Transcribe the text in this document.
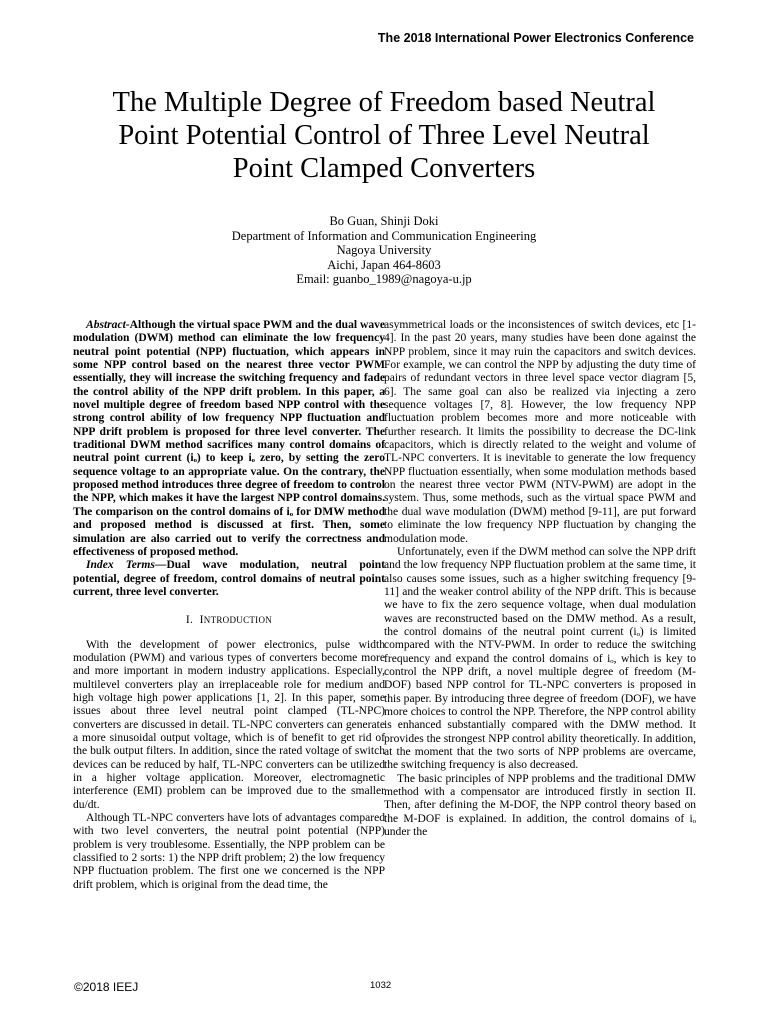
The 2018 International Power Electronics Conference
The Multiple Degree of Freedom based Neutral
Point Potential Control of Three Level Neutral
Point Clamped Converters
Bo Guan, Shinji Doki
Department of Information and Communication Engineering
Nagoya University
Aichi, Japan 464-8603
Email: guanbo_1989@nagoya-u.jp

Abstract-Although the virtual space PWM and the dual wave modulation (DWM) method can eliminate the low frequency neutral point potential (NPP) fluctuation, which appears in some NPP control based on the nearest three vector PWM essentially, they will increase the switching frequency and fade the control ability of the NPP drift problem. In this paper, a novel multiple degree of freedom based NPP control with the strong control ability of low frequency NPP fluctuation and NPP drift problem is proposed for three level converter. The traditional DWM method sacrifices many control domains of neutral point current (iₒ) to keep iₒ zero, by setting the zero sequence voltage to an appropriate value. On the contrary, the proposed method introduces three degree of freedom to control the NPP, which makes it have the largest NPP control domains. The comparison on the control domains of iₒ for DMW method and proposed method is discussed at first. Then, some simulation are also carried out to verify the correctness and effectiveness of proposed method.

Index Terms—Dual wave modulation, neutral point potential, degree of freedom, control domains of neutral point current, three level converter.

I. INTRODUCTION

With the development of power electronics, pulse width modulation (PWM) and various types of converters become more and more important in modern industry applications. Especially, multilevel converters play an irreplaceable role for medium and high voltage high power applications [1, 2]. In this paper, some issues about three level neutral point clamped (TL-NPC) converters are discussed in detail. TL-NPC converters can generate a more sinusoidal output voltage, which is of benefit to get rid of the bulk output filters. In addition, since the rated voltage of switch devices can be reduced by half, TL-NPC converters can be utilized in a higher voltage application. Moreover, electromagnetic interference (EMI) problem can be improved due to the smaller du/dt.

Although TL-NPC converters have lots of advantages compared with two level converters, the neutral point potential (NPP) problem is very troublesome. Essentially, the NPP problem can be classified to 2 sorts: 1) the NPP drift problem; 2) the low frequency NPP fluctuation problem. The first one we concerned is the NPP drift problem, which is original from the dead time, the

asymmetrical loads or the inconsistences of switch devices, etc [1-4]. In the past 20 years, many studies have been done against the NPP problem, since it may ruin the capacitors and switch devices. For example, we can control the NPP by adjusting the duty time of pairs of redundant vectors in three level space vector diagram [5, 6]. The same goal can also be realized via injecting a zero sequence voltages [7, 8]. However, the low frequency NPP fluctuation problem becomes more and more noticeable with further research. It limits the possibility to decrease the DC-link capacitors, which is directly related to the weight and volume of TL-NPC converters. It is inevitable to generate the low frequency NPP fluctuation essentially, when some modulation methods based on the nearest three vector PWM (NTV-PWM) are adopt in the system. Thus, some methods, such as the virtual space PWM and the dual wave modulation (DWM) method [9-11], are put forward to eliminate the low frequency NPP fluctuation by changing the modulation mode.

Unfortunately, even if the DWM method can solve the NPP drift and the low frequency NPP fluctuation problem at the same time, it also causes some issues, such as a higher switching frequency [9-11] and the weaker control ability of the NPP drift. This is because we have to fix the zero sequence voltage, when dual modulation waves are reconstructed based on the DMW method. As a result, the control domains of the neutral point current (iₒ) is limited compared with the NTV-PWM. In order to reduce the switching frequency and expand the control domains of iₒ, which is key to control the NPP drift, a novel multiple degree of freedom (M-DOF) based NPP control for TL-NPC converters is proposed in this paper. By introducing three degree of freedom (DOF), we have more choices to control the NPP. Therefore, the NPP control ability is enhanced substantially compared with the DMW method. It provides the strongest NPP control ability theoretically. In addition, at the moment that the two sorts of NPP problems are overcame, the switching frequency is also decreased.

The basic principles of NPP problems and the traditional DMW method with a compensator are introduced firstly in section II. Then, after defining the M-DOF, the NPP control theory based on the M-DOF is explained. In addition, the control domains of iₒ under the

©2018 IEEJ	1032
